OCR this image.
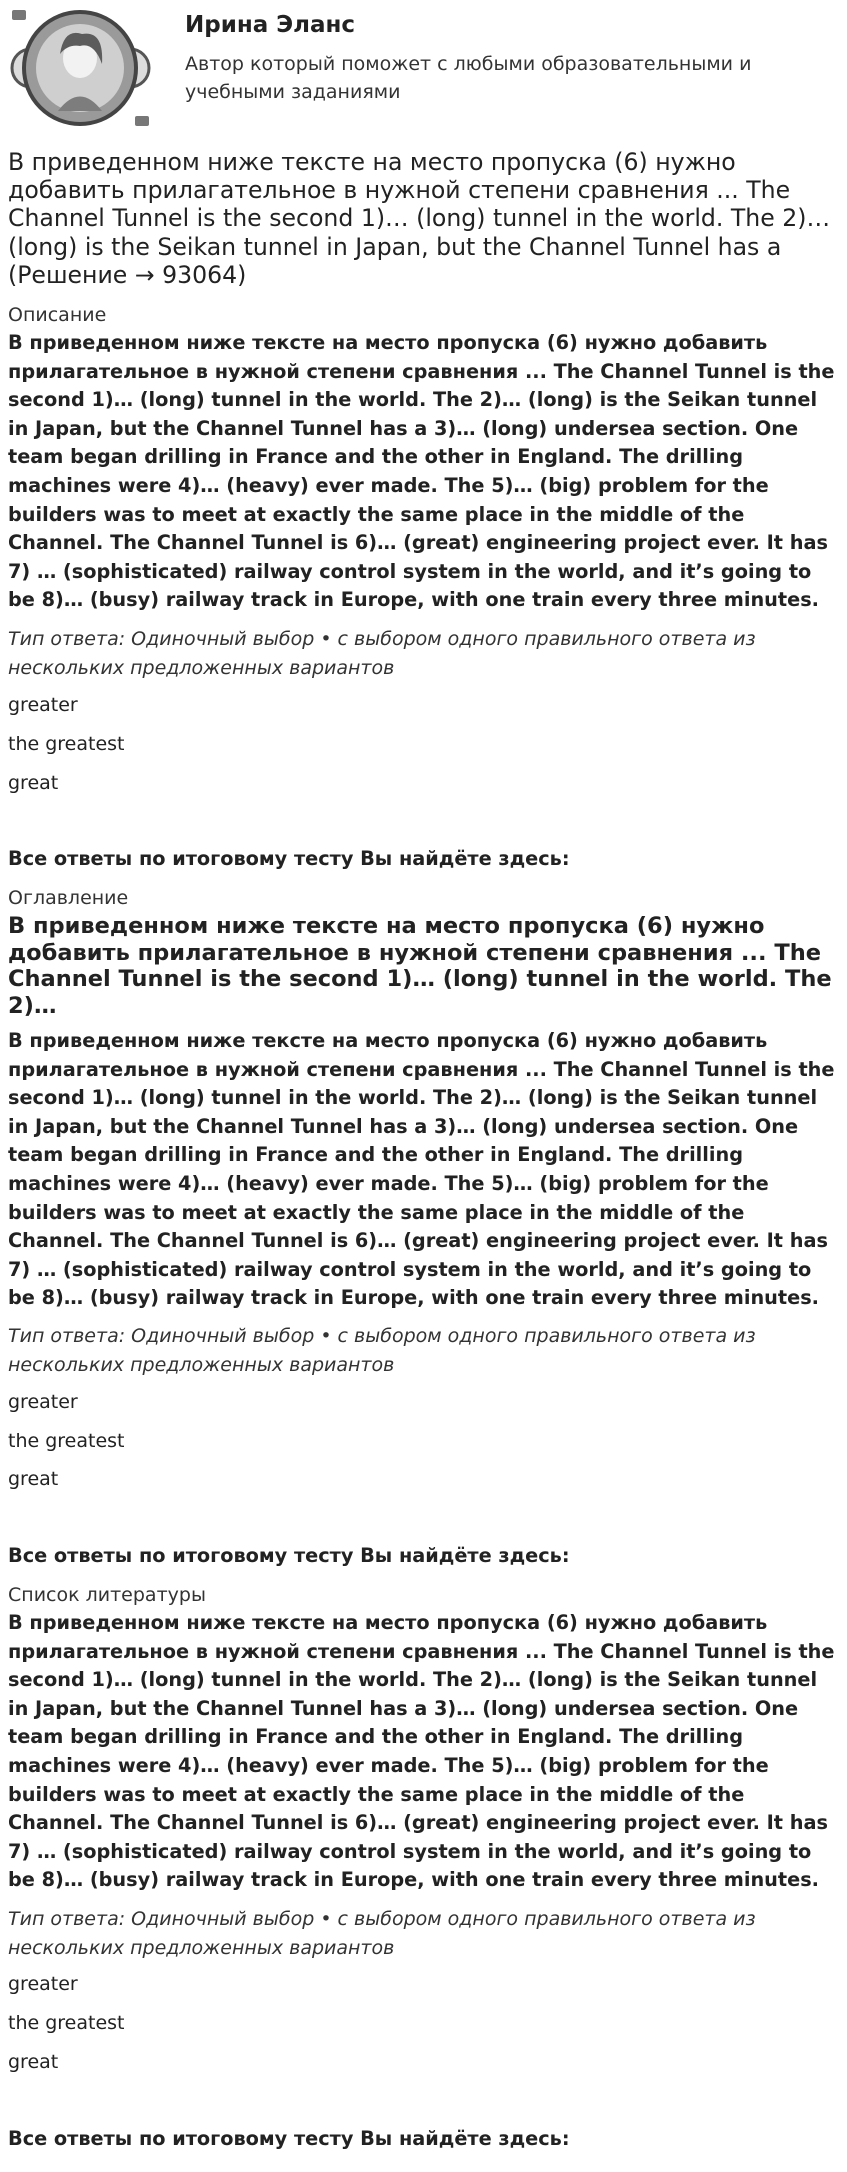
Ирина Эланс
Автор который поможет с любыми образовательными и учебными заданиями
В приведенном ниже тексте на место пропуска (6) нужно добавить прилагательное в нужной степени сравнения ... The Channel Tunnel is the second 1)… (long) tunnel in the world. The 2)… (long) is the Seikan tunnel in Japan, but the Channel Tunnel has a (Решение → 93064)
Описание
В приведенном ниже тексте на место пропуска (6) нужно добавить прилагательное в нужной степени сравнения ... The Channel Tunnel is the second 1)… (long) tunnel in the world. The 2)… (long) is the Seikan tunnel in Japan, but the Channel Tunnel has a 3)… (long) undersea section. One team began drilling in France and the other in England. The drilling machines were 4)… (heavy) ever made. The 5)… (big) problem for the builders was to meet at exactly the same place in the middle of the Channel. The Channel Tunnel is 6)… (great) engineering project ever. It has 7) … (sophisticated) railway control system in the world, and it’s going to be 8)… (busy) railway track in Europe, with one train every three minutes.
Тип ответа: Одиночный выбор • с выбором одного правильного ответа из нескольких предложенных вариантов
greater
the greatest
great
Все ответы по итоговому тесту Вы найдёте здесь:
Оглавление
В приведенном ниже тексте на место пропуска (6) нужно добавить прилагательное в нужной степени сравнения ... The Channel Tunnel is the second 1)… (long) tunnel in the world. The 2)…
В приведенном ниже тексте на место пропуска (6) нужно добавить прилагательное в нужной степени сравнения ... The Channel Tunnel is the second 1)… (long) tunnel in the world. The 2)… (long) is the Seikan tunnel in Japan, but the Channel Tunnel has a 3)… (long) undersea section. One team began drilling in France and the other in England. The drilling machines were 4)… (heavy) ever made. The 5)… (big) problem for the builders was to meet at exactly the same place in the middle of the Channel. The Channel Tunnel is 6)… (great) engineering project ever. It has 7) … (sophisticated) railway control system in the world, and it’s going to be 8)… (busy) railway track in Europe, with one train every three minutes.
Тип ответа: Одиночный выбор • с выбором одного правильного ответа из нескольких предложенных вариантов
greater
the greatest
great
Все ответы по итоговому тесту Вы найдёте здесь:
Список литературы
В приведенном ниже тексте на место пропуска (6) нужно добавить прилагательное в нужной степени сравнения ... The Channel Tunnel is the second 1)… (long) tunnel in the world. The 2)… (long) is the Seikan tunnel in Japan, but the Channel Tunnel has a 3)… (long) undersea section. One team began drilling in France and the other in England. The drilling machines were 4)… (heavy) ever made. The 5)… (big) problem for the builders was to meet at exactly the same place in the middle of the Channel. The Channel Tunnel is 6)… (great) engineering project ever. It has 7) … (sophisticated) railway control system in the world, and it’s going to be 8)… (busy) railway track in Europe, with one train every three minutes.
Тип ответа: Одиночный выбор • с выбором одного правильного ответа из нескольких предложенных вариантов
greater
the greatest
great
Все ответы по итоговому тесту Вы найдёте здесь:
